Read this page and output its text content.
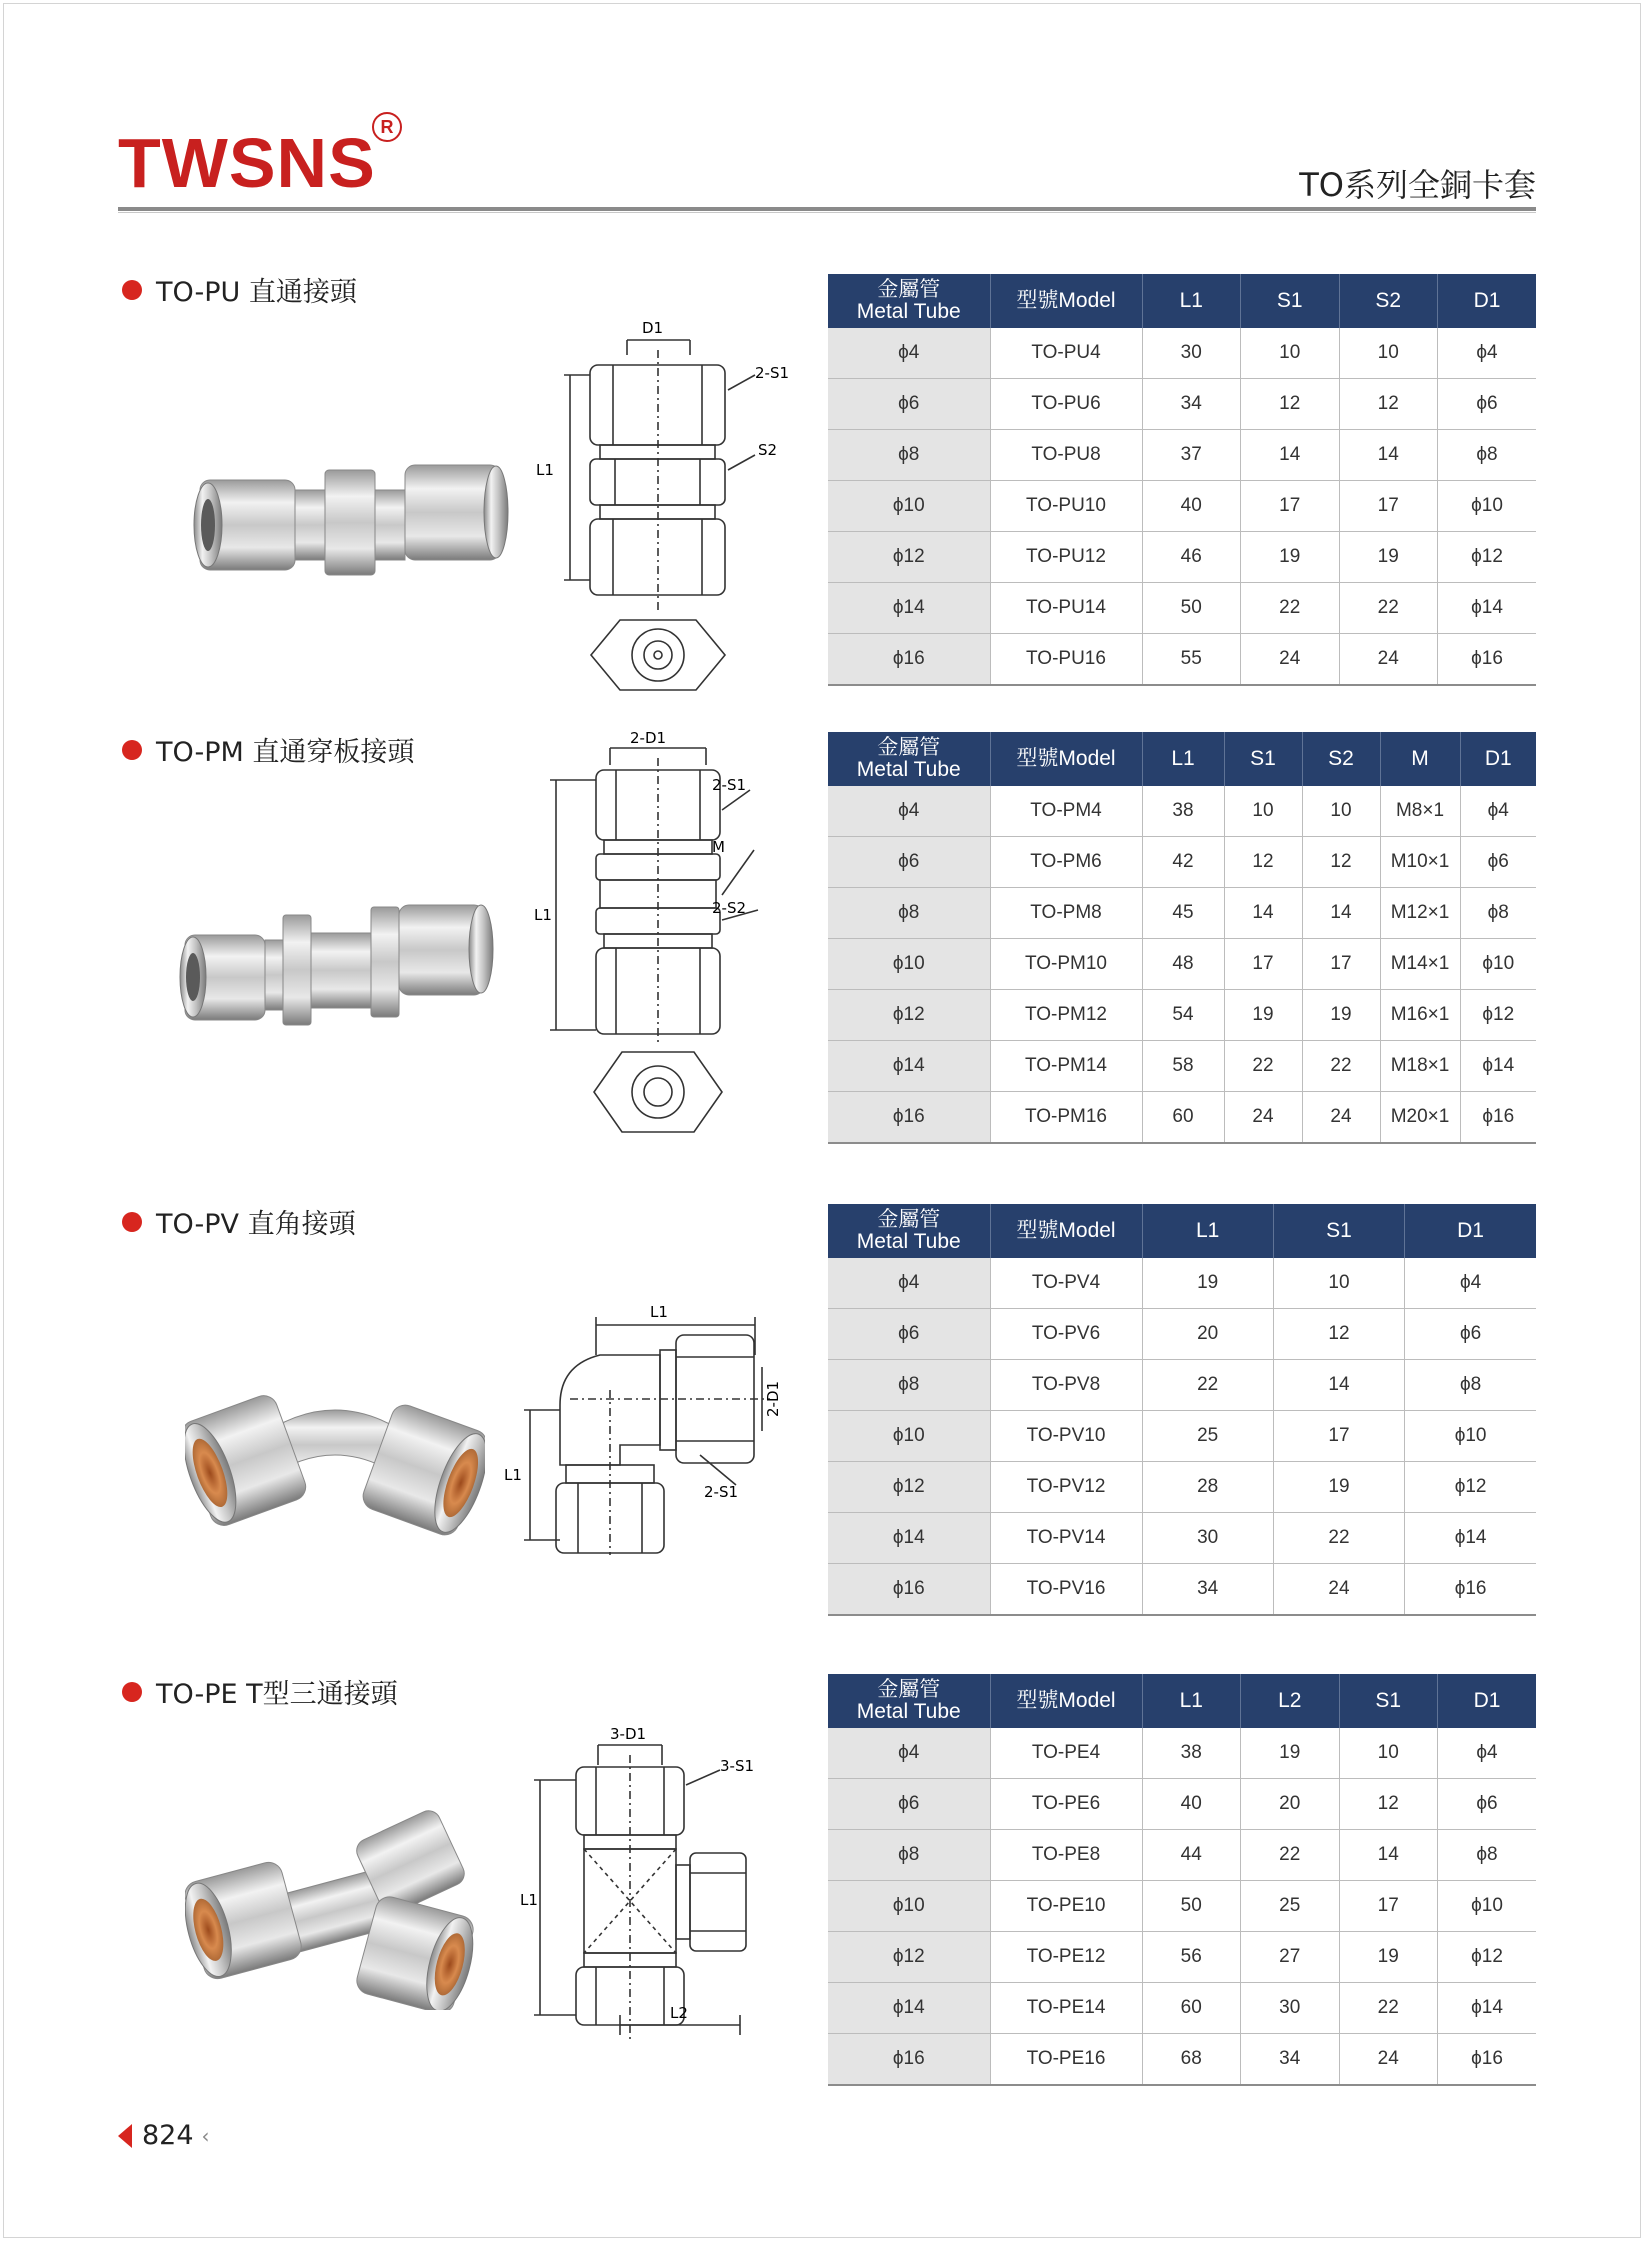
TWSNS R
TO系列全銅卡套
TO-PU 直通接頭
D1
2-S1
S2
L1
金屬管
Metal Tube	型號Model	L1	S1	S2	D1
ϕ4	TO-PU4	30	10	10	ϕ4
ϕ6	TO-PU6	34	12	12	ϕ6
ϕ8	TO-PU8	37	14	14	ϕ8
ϕ10	TO-PU10	40	17	17	ϕ10
ϕ12	TO-PU12	46	19	19	ϕ12
ϕ14	TO-PU14	50	22	22	ϕ14
ϕ16	TO-PU16	55	24	24	ϕ16
TO-PM 直通穿板接頭	2-D1
2-S1
M
2-S2
L1
金屬管
Metal Tube	型號Model	L1	S1	S2	M	D1
ϕ4	TO-PM4	38	10	10	M8×1	ϕ4
ϕ6	TO-PM6	42	12	12	M10×1	ϕ6
ϕ8	TO-PM8	45	14	14	M12×1	ϕ8
ϕ10	TO-PM10	48	17	17	M14×1	ϕ10
ϕ12	TO-PM12	54	19	19	M16×1	ϕ12
ϕ14	TO-PM14	58	22	22	M18×1	ϕ14
ϕ16	TO-PM16	60	24	24	M20×1	ϕ16
TO-PV 直角接頭
L1
2-D1
L1
2-S1
金屬管
Metal Tube	型號Model	L1	S1	D1
ϕ4	TO-PV4	19	10	ϕ4
ϕ6	TO-PV6	20	12	ϕ6
ϕ8	TO-PV8	22	14	ϕ8
ϕ10	TO-PV10	25	17	ϕ10
ϕ12	TO-PV12	28	19	ϕ12
ϕ14	TO-PV14	30	22	ϕ14
ϕ16	TO-PV16	34	24	ϕ16
TO-PE T型三通接頭
3-D1
3-S1
L1
L2
金屬管
Metal Tube	型號Model	L1	L2	S1	D1
ϕ4	TO-PE4	38	19	10	ϕ4
ϕ6	TO-PE6	40	20	12	ϕ6
ϕ8	TO-PE8	44	22	14	ϕ8
ϕ10	TO-PE10	50	25	17	ϕ10
ϕ12	TO-PE12	56	27	19	ϕ12
ϕ14	TO-PE14	60	30	22	ϕ14
ϕ16	TO-PE16	68	34	24	ϕ16
824 ‹
